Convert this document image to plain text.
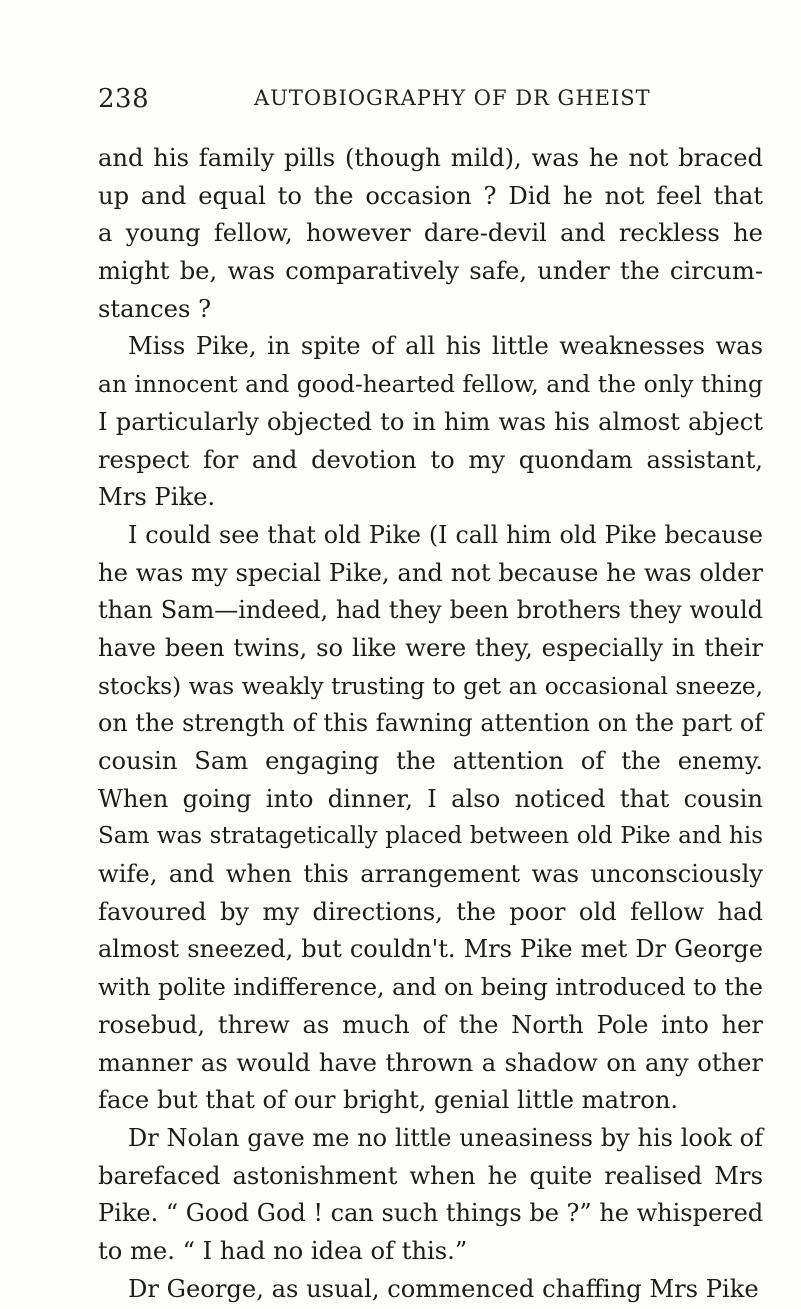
238	AUTOBIOGRAPHY OF DR GHEIST
and his family pills (though mild), was he not braced
up and equal to the occasion ? Did he not feel that
a young fellow, however dare-devil and reckless he
might be, was comparatively safe, under the circum-
stances ?
Miss Pike, in spite of all his little weaknesses was
an innocent and good-hearted fellow, and the only thing
I particularly objected to in him was his almost abject
respect for and devotion to my quondam assistant,
Mrs Pike.
I could see that old Pike (I call him old Pike because
he was my special Pike, and not because he was older
than Sam—indeed, had they been brothers they would
have been twins, so like were they, especially in their
stocks) was weakly trusting to get an occasional sneeze,
on the strength of this fawning attention on the part of
cousin Sam engaging the attention of the enemy.
When going into dinner, I also noticed that cousin
Sam was stratagetically placed between old Pike and his
wife, and when this arrangement was unconsciously
favoured by my directions, the poor old fellow had
almost sneezed, but couldn't. Mrs Pike met Dr George
with polite indifference, and on being introduced to the
rosebud, threw as much of the North Pole into her
manner as would have thrown a shadow on any other
face but that of our bright, genial little matron.
Dr Nolan gave me no little uneasiness by his look of
barefaced astonishment when he quite realised Mrs
Pike. “ Good God ! can such things be ?” he whispered
to me. “ I had no idea of this.”
Dr George, as usual, commenced chaffing Mrs Pike
